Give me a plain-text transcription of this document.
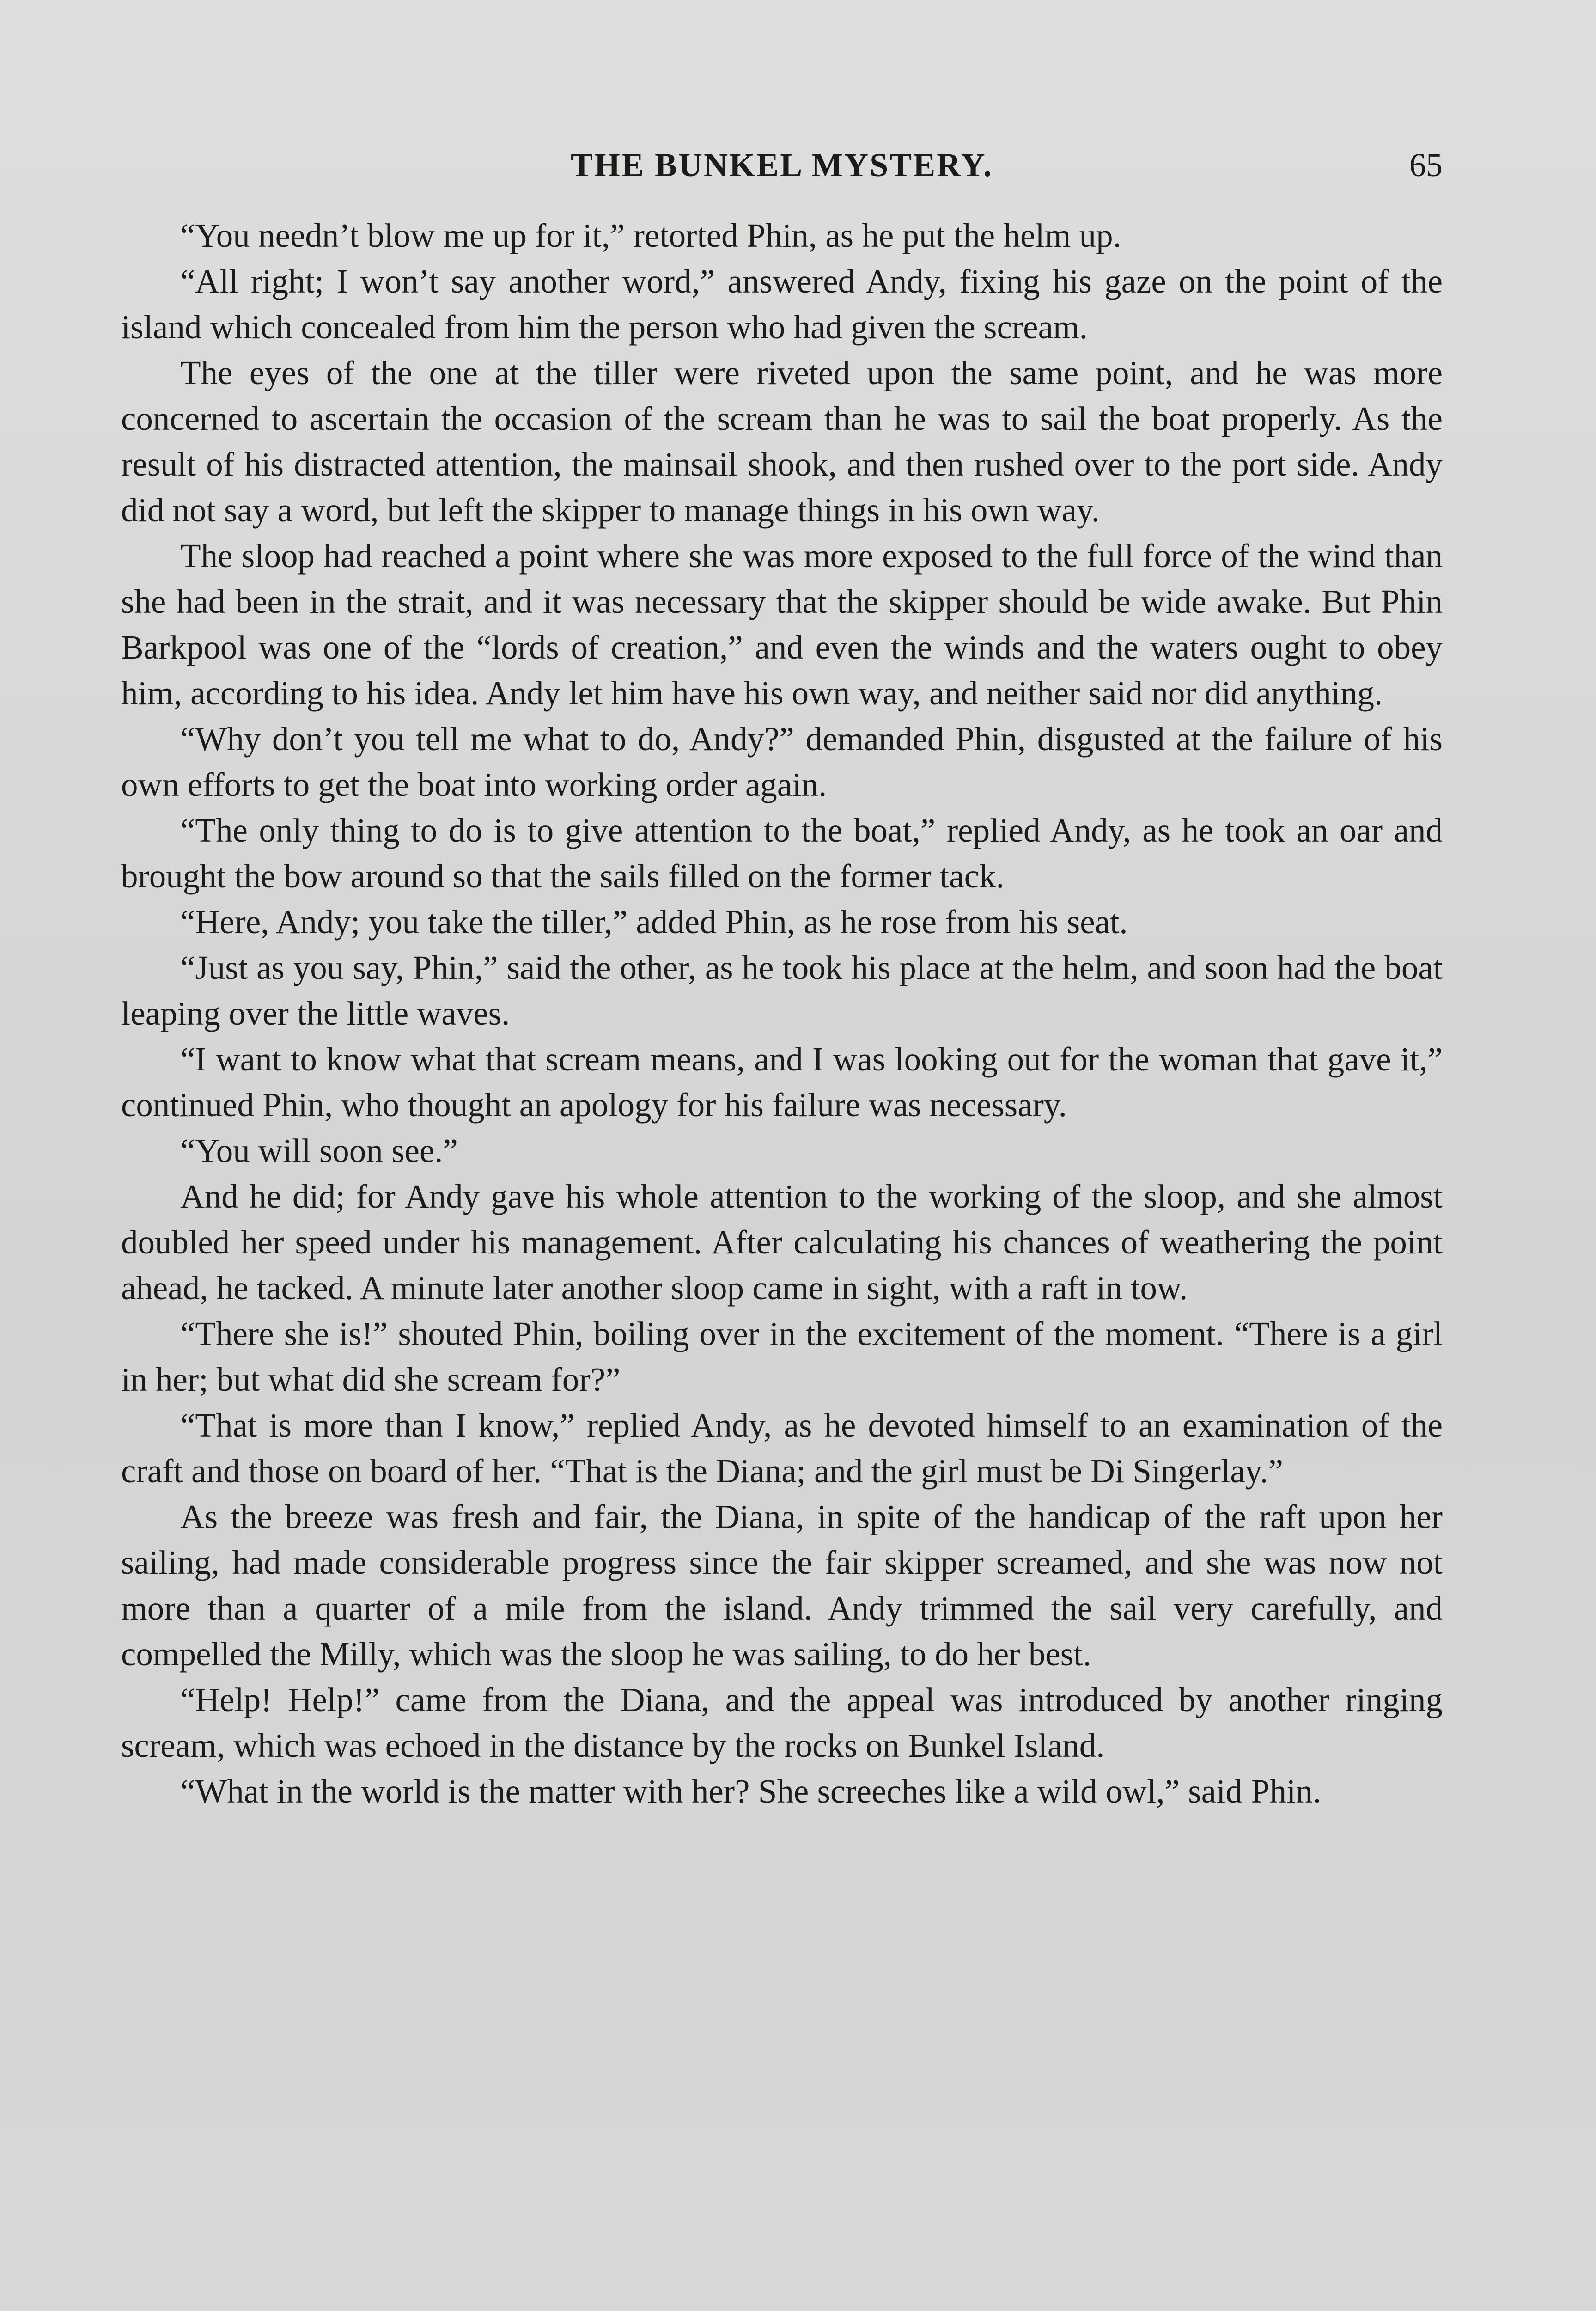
THE BUNKEL MYSTERY.	65

“You needn’t blow me up for it,” retorted Phin, as he put the helm up.

“All right; I won’t say another word,” answered Andy, fixing his gaze on the point of the island which concealed from him the person who had given the scream.

The eyes of the one at the tiller were riveted upon the same point, and he was more concerned to ascertain the occasion of the scream than he was to sail the boat properly. As the result of his distracted attention, the mainsail shook, and then rushed over to the port side. Andy did not say a word, but left the skipper to manage things in his own way.

The sloop had reached a point where she was more exposed to the full force of the wind than she had been in the strait, and it was necessary that the skipper should be wide awake. But Phin Barkpool was one of the “lords of creation,” and even the winds and the waters ought to obey him, according to his idea. Andy let him have his own way, and neither said nor did anything.

“Why don’t you tell me what to do, Andy?” demanded Phin, disgusted at the failure of his own efforts to get the boat into working order again.

“The only thing to do is to give attention to the boat,” replied Andy, as he took an oar and brought the bow around so that the sails filled on the former tack.

“Here, Andy; you take the tiller,” added Phin, as he rose from his seat.

“Just as you say, Phin,” said the other, as he took his place at the helm, and soon had the boat leaping over the little waves.

“I want to know what that scream means, and I was looking out for the woman that gave it,” continued Phin, who thought an apology for his failure was necessary.

“You will soon see.”

And he did; for Andy gave his whole attention to the working of the sloop, and she almost doubled her speed under his management. After calculating his chances of weathering the point ahead, he tacked. A minute later another sloop came in sight, with a raft in tow.

“There she is!” shouted Phin, boiling over in the excitement of the moment. “There is a girl in her; but what did she scream for?”

“That is more than I know,” replied Andy, as he devoted himself to an examination of the craft and those on board of her. “That is the Diana; and the girl must be Di Singerlay.”

As the breeze was fresh and fair, the Diana, in spite of the handicap of the raft upon her sailing, had made considerable progress since the fair skipper screamed, and she was now not more than a quarter of a mile from the island. Andy trimmed the sail very carefully, and compelled the Milly, which was the sloop he was sailing, to do her best.

“Help! Help!” came from the Diana, and the appeal was introduced by another ringing scream, which was echoed in the distance by the rocks on Bunkel Island.

“What in the world is the matter with her? She screeches like a wild owl,” said Phin.
